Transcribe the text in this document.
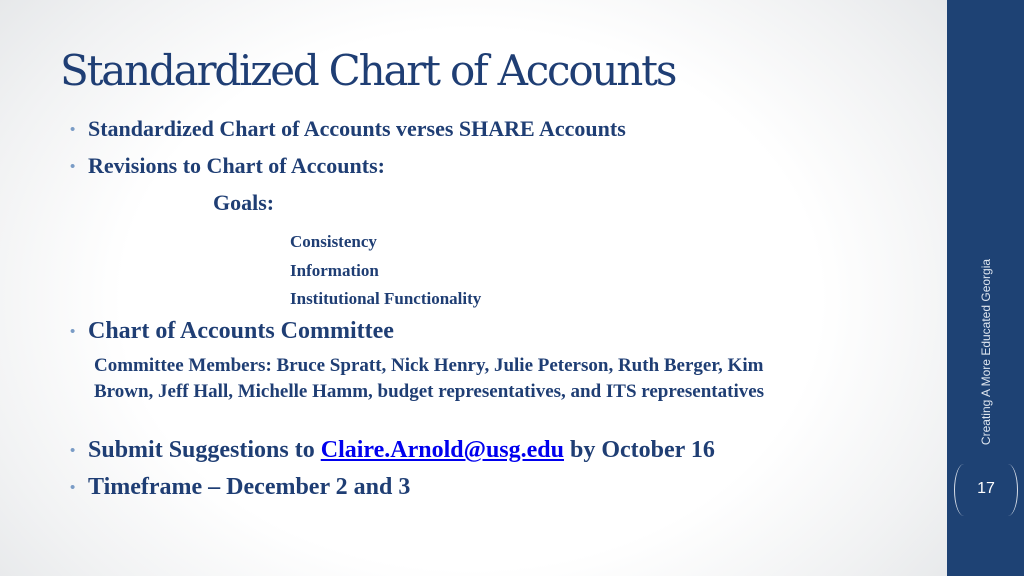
Standardized Chart of Accounts
• Standardized Chart of Accounts verses SHARE Accounts
• Revisions to Chart of Accounts:
Goals:
Consistency
Information
Institutional Functionality
• Chart of Accounts Committee
Committee Members: Bruce Spratt, Nick Henry, Julie Peterson, Ruth Berger, Kim Brown, Jeff Hall, Michelle Hamm, budget representatives, and ITS representatives
• Submit Suggestions to Claire.Arnold@usg.edu by October 16
• Timeframe – December 2 and 3
Creating A More Educated Georgia
17
